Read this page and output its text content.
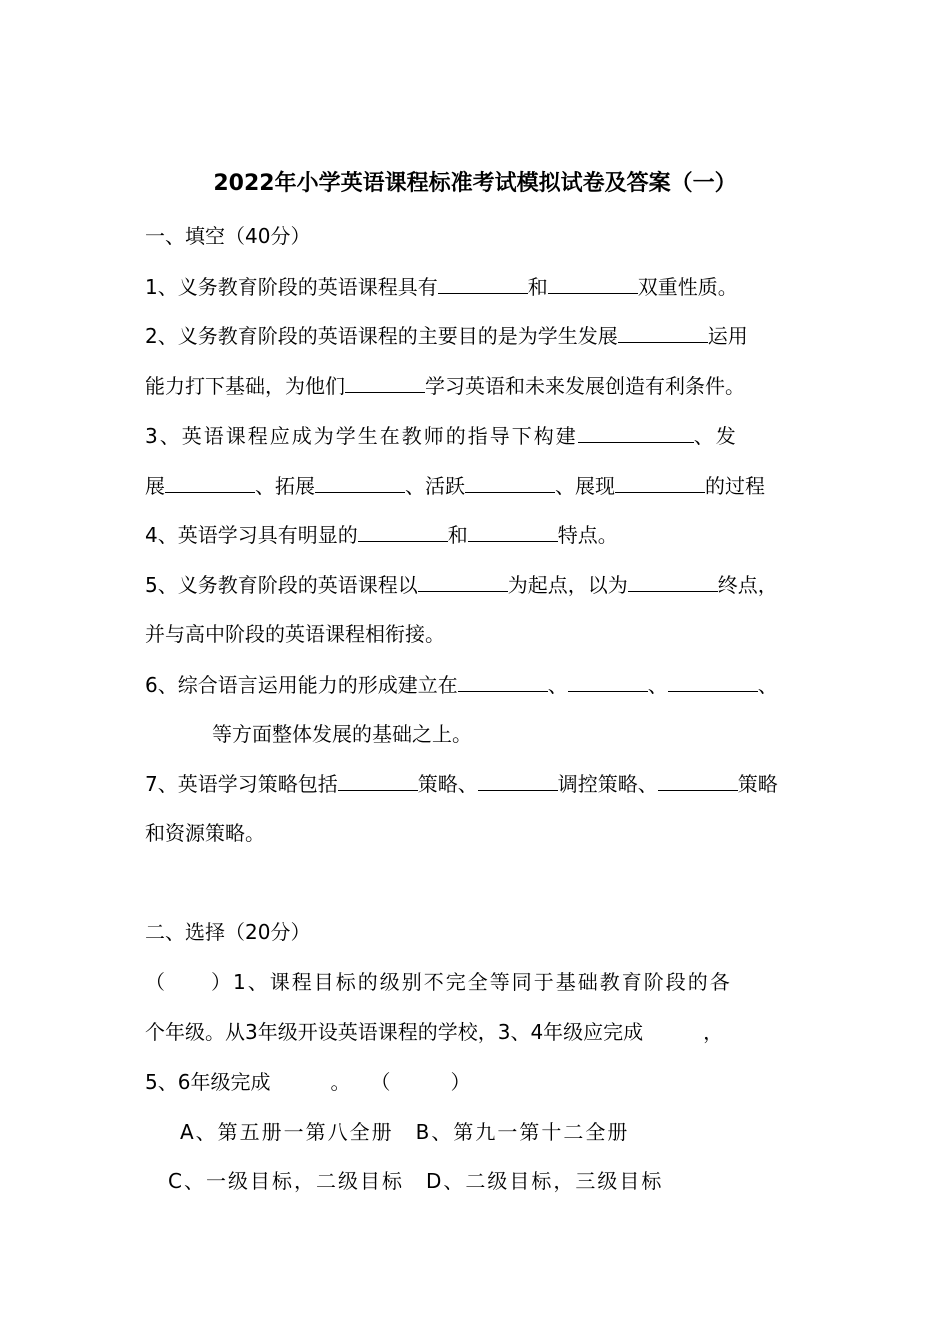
2022年小学英语课程标准考试模拟试卷及答案（一）
一、填空（40分）
1、义务教育阶段的英语课程具有	和	双重性质。
2、义务教育阶段的英语课程的主要目的是为学生发展	运用
能力打下基础，为他们	学习英语和未来发展创造有利条件。
3、英语课程应成为学生在教师的指导下构建	、发
展	、拓展	、活跃	、展现	的过程
4、英语学习具有明显的	和	特点。
5、义务教育阶段的英语课程以	为起点，以为	终点，
并与高中阶段的英语课程相衔接。
6、综合语言运用能力的形成建立在	、	、	、
等方面整体发展的基础之上。
7、英语学习策略包括	策略、	调控策略、	策略
和资源策略。
二、选择（20分）
（　　）1、课程目标的级别不完全等同于基础教育阶段的各
个年级。从3年级开设英语课程的学校，3、4年级应完成　　　，
5、6年级完成　　　。　　（　　　）
A、第五册一第八全册　B、第九一第十二全册
C、一级目标，二级目标　D、二级目标，三级目标
